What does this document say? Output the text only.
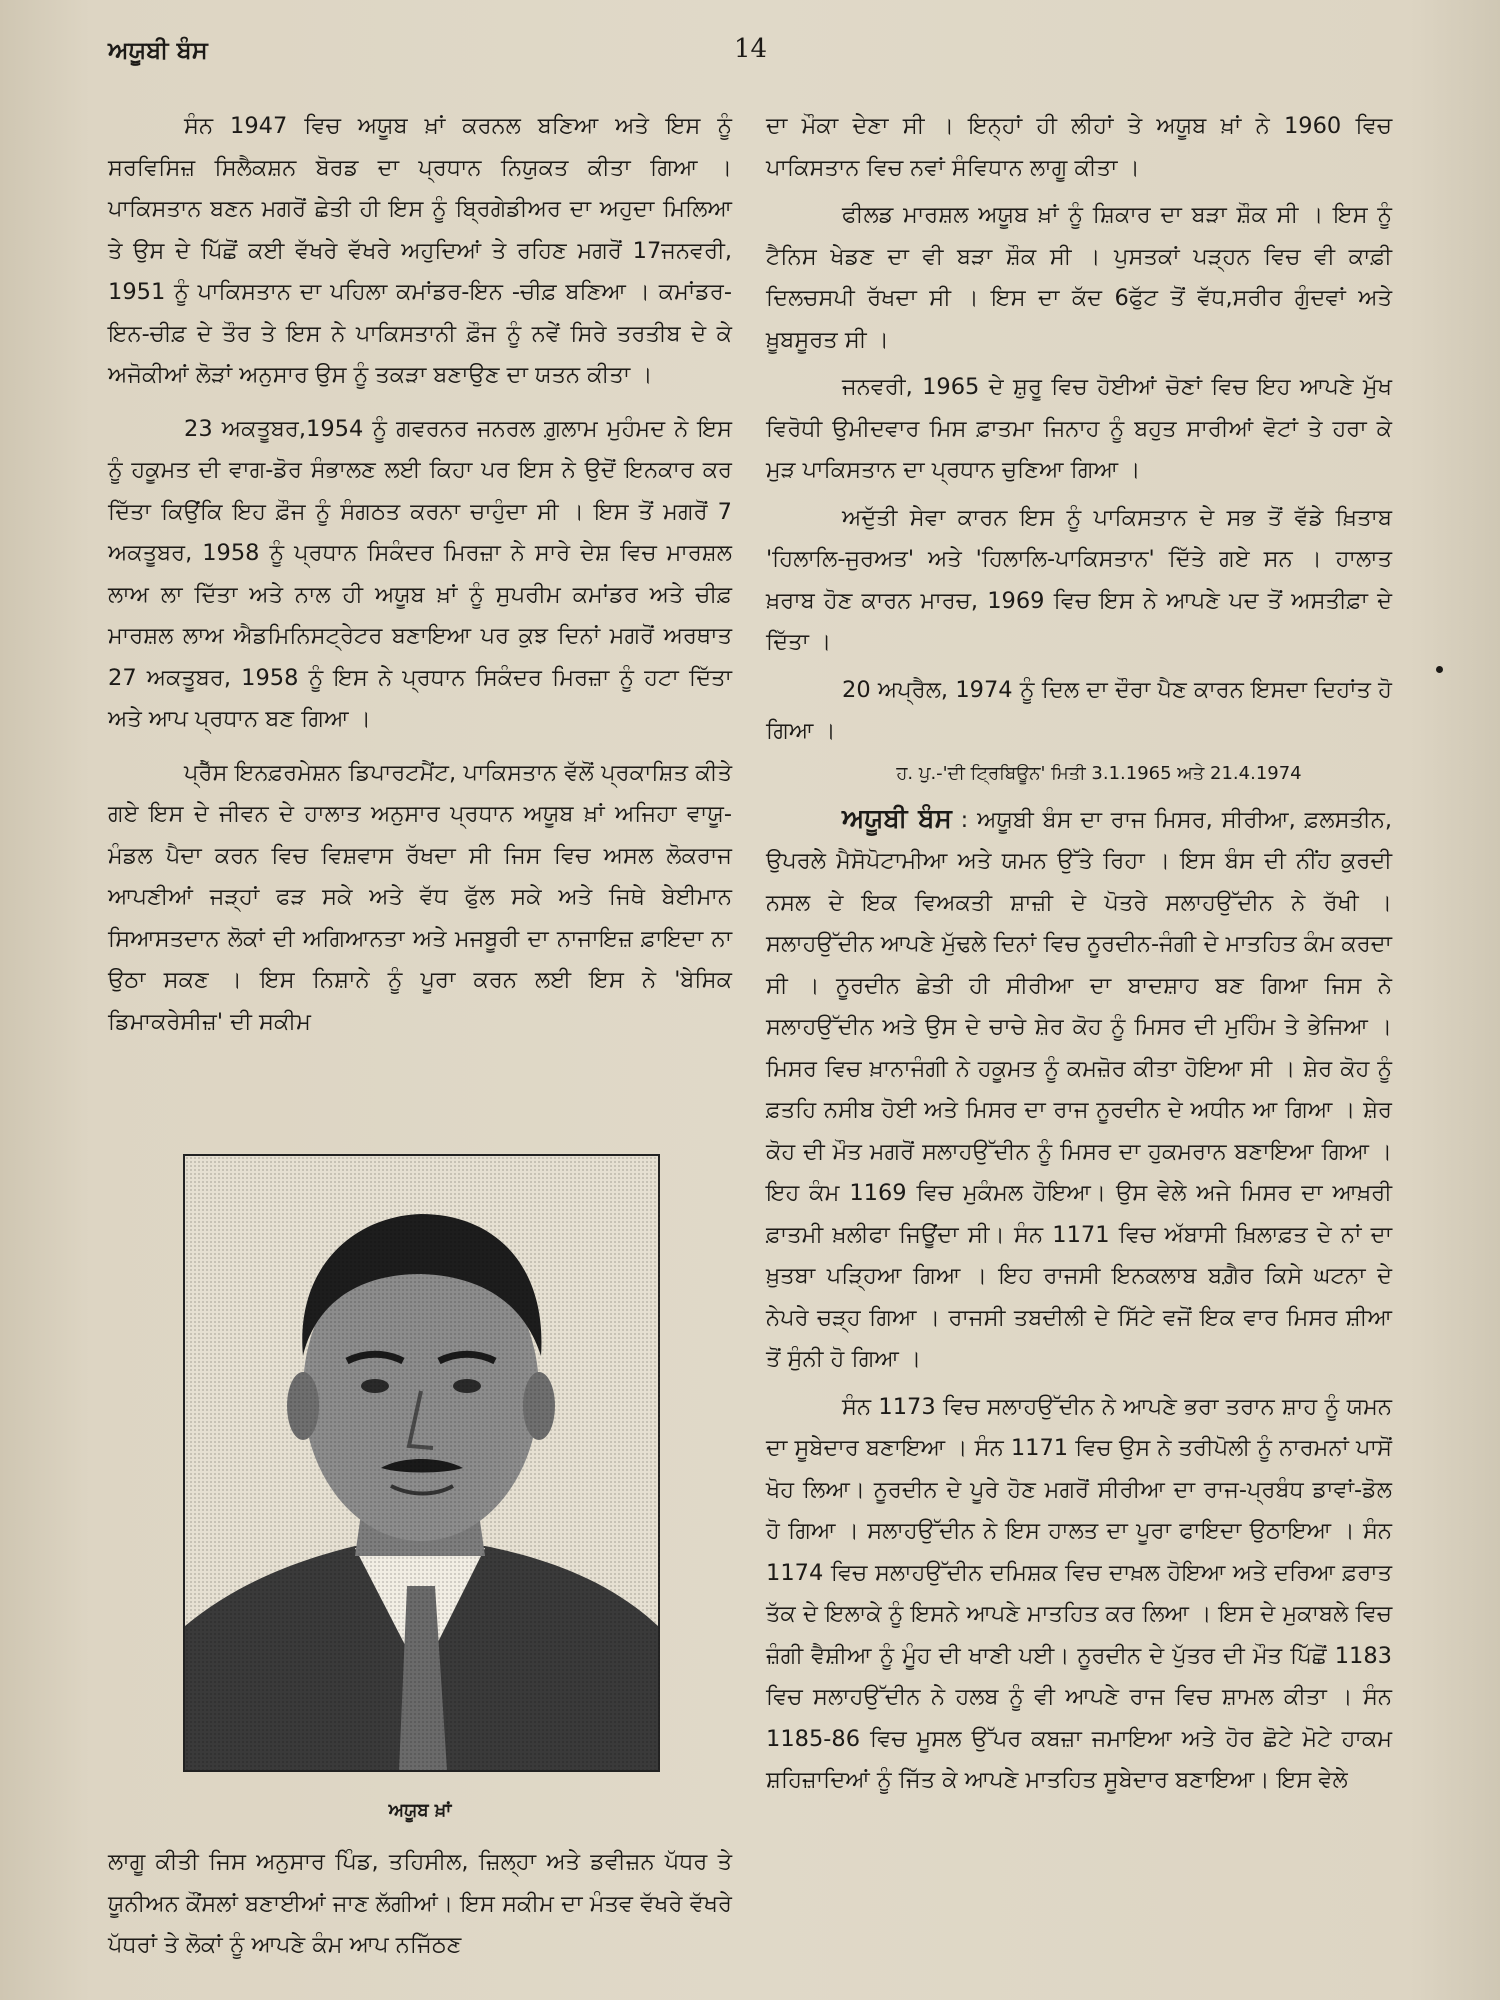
ਅਯੂਬੀ ਬੰਸ	14

ਸੰਨ 1947 ਵਿਚ ਅਯੂਬ ਖ਼ਾਂ ਕਰਨਲ ਬਣਿਆ ਅਤੇ ਇਸ ਨੂੰ ਸਰਵਿਸਿਜ਼ ਸਿਲੈਕਸ਼ਨ ਬੋਰਡ ਦਾ ਪ੍ਰਧਾਨ ਨਿਯੁਕਤ ਕੀਤਾ ਗਿਆ । ਪਾਕਿਸਤਾਨ ਬਣਨ ਮਗਰੋਂ ਛੇਤੀ ਹੀ ਇਸ ਨੂੰ ਬ੍ਰਿਗੇਡੀਅਰ ਦਾ ਅਹੁਦਾ ਮਿਲਿਆ ਤੇ ਉਸ ਦੇ ਪਿੱਛੋਂ ਕਈ ਵੱਖਰੇ ਵੱਖਰੇ ਅਹੁਦਿਆਂ ਤੇ ਰਹਿਣ ਮਗਰੋਂ 17ਜਨਵਰੀ, 1951 ਨੂੰ ਪਾਕਿਸਤਾਨ ਦਾ ਪਹਿਲਾ ਕਮਾਂਡਰ-ਇਨ -ਚੀਫ਼ ਬਣਿਆ । ਕਮਾਂਡਰ-ਇਨ-ਚੀਫ਼ ਦੇ ਤੌਰ ਤੇ ਇਸ ਨੇ ਪਾਕਿਸਤਾਨੀ ਫ਼ੌਜ ਨੂੰ ਨਵੇਂ ਸਿਰੇ ਤਰਤੀਬ ਦੇ ਕੇ ਅਜੋਕੀਆਂ ਲੋੜਾਂ ਅਨੁਸਾਰ ਉਸ ਨੂੰ ਤਕੜਾ ਬਣਾਉਣ ਦਾ ਯਤਨ ਕੀਤਾ ।

23 ਅਕਤੂਬਰ,1954 ਨੂੰ ਗਵਰਨਰ ਜਨਰਲ ਗ਼ੁਲਾਮ ਮੁਹੰਮਦ ਨੇ ਇਸ ਨੂੰ ਹਕੂਮਤ ਦੀ ਵਾਗ-ਡੋਰ ਸੰਭਾਲਣ ਲਈ ਕਿਹਾ ਪਰ ਇਸ ਨੇ ਉਦੋਂ ਇਨਕਾਰ ਕਰ ਦਿੱਤਾ ਕਿਉਂਕਿ ਇਹ ਫ਼ੌਜ ਨੂੰ ਸੰਗਠਤ ਕਰਨਾ ਚਾਹੁੰਦਾ ਸੀ । ਇਸ ਤੋਂ ਮਗਰੋਂ 7 ਅਕਤੂਬਰ, 1958 ਨੂੰ ਪ੍ਰਧਾਨ ਸਿਕੰਦਰ ਮਿਰਜ਼ਾ ਨੇ ਸਾਰੇ ਦੇਸ਼ ਵਿਚ ਮਾਰਸ਼ਲ ਲਾਅ ਲਾ ਦਿੱਤਾ ਅਤੇ ਨਾਲ ਹੀ ਅਯੂਬ ਖ਼ਾਂ ਨੂੰ ਸੁਪਰੀਮ ਕਮਾਂਡਰ ਅਤੇ ਚੀਫ਼ ਮਾਰਸ਼ਲ ਲਾਅ ਐਡਮਿਨਿਸਟ੍ਰੇਟਰ ਬਣਾਇਆ ਪਰ ਕੁਝ ਦਿਨਾਂ ਮਗਰੋਂ ਅਰਥਾਤ 27 ਅਕਤੂਬਰ, 1958 ਨੂੰ ਇਸ ਨੇ ਪ੍ਰਧਾਨ ਸਿਕੰਦਰ ਮਿਰਜ਼ਾ ਨੂੰ ਹਟਾ ਦਿੱਤਾ ਅਤੇ ਆਪ ਪ੍ਰਧਾਨ ਬਣ ਗਿਆ ।

ਪ੍ਰੈੱਸ ਇਨਫ਼ਰਮੇਸ਼ਨ ਡਿਪਾਰਟਮੈਂਟ, ਪਾਕਿਸਤਾਨ ਵੱਲੋਂ ਪ੍ਰਕਾਸ਼ਿਤ ਕੀਤੇ ਗਏ ਇਸ ਦੇ ਜੀਵਨ ਦੇ ਹਾਲਾਤ ਅਨੁਸਾਰ ਪ੍ਰਧਾਨ ਅਯੂਬ ਖ਼ਾਂ ਅਜਿਹਾ ਵਾਯੂ-ਮੰਡਲ ਪੈਦਾ ਕਰਨ ਵਿਚ ਵਿਸ਼ਵਾਸ ਰੱਖਦਾ ਸੀ ਜਿਸ ਵਿਚ ਅਸਲ ਲੋਕਰਾਜ ਆਪਣੀਆਂ ਜੜ੍ਹਾਂ ਫੜ ਸਕੇ ਅਤੇ ਵੱਧ ਫੁੱਲ ਸਕੇ ਅਤੇ ਜਿਥੇ ਬੇਈਮਾਨ ਸਿਆਸਤਦਾਨ ਲੋਕਾਂ ਦੀ ਅਗਿਆਨਤਾ ਅਤੇ ਮਜਬੂਰੀ ਦਾ ਨਾਜਾਇਜ਼ ਫ਼ਾਇਦਾ ਨਾ ਉਠਾ ਸਕਣ । ਇਸ ਨਿਸ਼ਾਨੇ ਨੂੰ ਪੂਰਾ ਕਰਨ ਲਈ ਇਸ ਨੇ 'ਬੇਸਿਕ ਡਿਮਾਕਰੇਸੀਜ਼' ਦੀ ਸਕੀਮ

ਅਯੂਬ ਖ਼ਾਂ
ਲਾਗੂ ਕੀਤੀ ਜਿਸ ਅਨੁਸਾਰ ਪਿੰਡ, ਤਹਿਸੀਲ, ਜ਼ਿਲ੍ਹਾ ਅਤੇ ਡਵੀਜ਼ਨ ਪੱਧਰ ਤੇ ਯੂਨੀਅਨ ਕੌਂਸਲਾਂ ਬਣਾਈਆਂ ਜਾਣ ਲੱਗੀਆਂ। ਇਸ ਸਕੀਮ ਦਾ ਮੰਤਵ ਵੱਖਰੇ ਵੱਖਰੇ ਪੱਧਰਾਂ ਤੇ ਲੋਕਾਂ ਨੂੰ ਆਪਣੇ ਕੰਮ ਆਪ ਨਜਿੱਠਣ

ਦਾ ਮੌਕਾ ਦੇਣਾ ਸੀ । ਇਨ੍ਹਾਂ ਹੀ ਲੀਹਾਂ ਤੇ ਅਯੂਬ ਖ਼ਾਂ ਨੇ 1960 ਵਿਚ ਪਾਕਿਸਤਾਨ ਵਿਚ ਨਵਾਂ ਸੰਵਿਧਾਨ ਲਾਗੂ ਕੀਤਾ ।

ਫੀਲਡ ਮਾਰਸ਼ਲ ਅਯੂਬ ਖ਼ਾਂ ਨੂੰ ਸ਼ਿਕਾਰ ਦਾ ਬੜਾ ਸ਼ੌਕ ਸੀ । ਇਸ ਨੂੰ ਟੈਨਿਸ ਖੇਡਣ ਦਾ ਵੀ ਬੜਾ ਸ਼ੌਕ ਸੀ । ਪੁਸਤਕਾਂ ਪੜ੍ਹਨ ਵਿਚ ਵੀ ਕਾਫ਼ੀ ਦਿਲਚਸਪੀ ਰੱਖਦਾ ਸੀ । ਇਸ ਦਾ ਕੱਦ 6ਫੁੱਟ ਤੋਂ ਵੱਧ,ਸਰੀਰ ਗੁੰਦਵਾਂ ਅਤੇ ਖ਼ੂਬਸੂਰਤ ਸੀ ।

ਜਨਵਰੀ, 1965 ਦੇ ਸ਼ੁਰੂ ਵਿਚ ਹੋਈਆਂ ਚੋਣਾਂ ਵਿਚ ਇਹ ਆਪਣੇ ਮੁੱਖ ਵਿਰੋਧੀ ਉਮੀਦਵਾਰ ਮਿਸ ਫ਼ਾਤਮਾ ਜਿਨਾਹ ਨੂੰ ਬਹੁਤ ਸਾਰੀਆਂ ਵੋਟਾਂ ਤੇ ਹਰਾ ਕੇ ਮੁੜ ਪਾਕਿਸਤਾਨ ਦਾ ਪ੍ਰਧਾਨ ਚੁਣਿਆ ਗਿਆ ।

ਅਦੁੱਤੀ ਸੇਵਾ ਕਾਰਨ ਇਸ ਨੂੰ ਪਾਕਿਸਤਾਨ ਦੇ ਸਭ ਤੋਂ ਵੱਡੇ ਖ਼ਿਤਾਬ 'ਹਿਲਾਲਿ-ਜੁਰਅਤ' ਅਤੇ 'ਹਿਲਾਲਿ-ਪਾਕਿਸਤਾਨ' ਦਿੱਤੇ ਗਏ ਸਨ । ਹਾਲਾਤ ਖ਼ਰਾਬ ਹੋਣ ਕਾਰਨ ਮਾਰਚ, 1969 ਵਿਚ ਇਸ ਨੇ ਆਪਣੇ ਪਦ ਤੋਂ ਅਸਤੀਫ਼ਾ ਦੇ ਦਿੱਤਾ ।

20 ਅਪ੍ਰੈਲ, 1974 ਨੂੰ ਦਿਲ ਦਾ ਦੌਰਾ ਪੈਣ ਕਾਰਨ ਇਸਦਾ ਦਿਹਾਂਤ ਹੋ ਗਿਆ ।

ਹ. ਪੁ.-'ਦੀ ਟ੍ਰਿਬਿਊਨ' ਮਿਤੀ 3.1.1965 ਅਤੇ 21.4.1974

ਅਯੂਬੀ ਬੰਸ : ਅਯੂਬੀ ਬੰਸ ਦਾ ਰਾਜ ਮਿਸਰ, ਸੀਰੀਆ, ਫ਼ਲਸਤੀਨ, ਉਪਰਲੇ ਮੈਸੋਪੋਟਾਮੀਆ ਅਤੇ ਯਮਨ ਉੱਤੇ ਰਿਹਾ । ਇਸ ਬੰਸ ਦੀ ਨੀਂਹ ਕੁਰਦੀ ਨਸਲ ਦੇ ਇਕ ਵਿਅਕਤੀ ਸ਼ਾਜ਼ੀ ਦੇ ਪੋਤਰੇ ਸਲਾਹਉੱਦੀਨ ਨੇ ਰੱਖੀ । ਸਲਾਹਉੱਦੀਨ ਆਪਣੇ ਮੁੱਢਲੇ ਦਿਨਾਂ ਵਿਚ ਨੂਰਦੀਨ-ਜੰਗੀ ਦੇ ਮਾਤਹਿਤ ਕੰਮ ਕਰਦਾ ਸੀ । ਨੂਰਦੀਨ ਛੇਤੀ ਹੀ ਸੀਰੀਆ ਦਾ ਬਾਦਸ਼ਾਹ ਬਣ ਗਿਆ ਜਿਸ ਨੇ ਸਲਾਹਉੱਦੀਨ ਅਤੇ ਉਸ ਦੇ ਚਾਚੇ ਸ਼ੇਰ ਕੋਹ ਨੂੰ ਮਿਸਰ ਦੀ ਮੁਹਿੰਮ ਤੇ ਭੇਜਿਆ । ਮਿਸਰ ਵਿਚ ਖ਼ਾਨਾਜੰਗੀ ਨੇ ਹਕੂਮਤ ਨੂੰ ਕਮਜ਼ੋਰ ਕੀਤਾ ਹੋਇਆ ਸੀ । ਸ਼ੇਰ ਕੋਹ ਨੂੰ ਫ਼ਤਹਿ ਨਸੀਬ ਹੋਈ ਅਤੇ ਮਿਸਰ ਦਾ ਰਾਜ ਨੂਰਦੀਨ ਦੇ ਅਧੀਨ ਆ ਗਿਆ । ਸ਼ੇਰ ਕੋਹ ਦੀ ਮੌਤ ਮਗਰੋਂ ਸਲਾਹਉੱਦੀਨ ਨੂੰ ਮਿਸਰ ਦਾ ਹੁਕਮਰਾਨ ਬਣਾਇਆ ਗਿਆ । ਇਹ ਕੰਮ 1169 ਵਿਚ ਮੁਕੰਮਲ ਹੋਇਆ। ਉਸ ਵੇਲੇ ਅਜੇ ਮਿਸਰ ਦਾ ਆਖ਼ਰੀ ਫ਼ਾਤਮੀ ਖ਼ਲੀਫਾ ਜਿਊਂਦਾ ਸੀ। ਸੰਨ 1171 ਵਿਚ ਅੱਬਾਸੀ ਖ਼ਿਲਾਫ਼ਤ ਦੇ ਨਾਂ ਦਾ ਖ਼ੁਤਬਾ ਪੜ੍ਹਿਆ ਗਿਆ । ਇਹ ਰਾਜਸੀ ਇਨਕਲਾਬ ਬਗ਼ੈਰ ਕਿਸੇ ਘਟਨਾ ਦੇ ਨੇਪਰੇ ਚੜ੍ਹ ਗਿਆ । ਰਾਜਸੀ ਤਬਦੀਲੀ ਦੇ ਸਿੱਟੇ ਵਜੋਂ ਇਕ ਵਾਰ ਮਿਸਰ ਸ਼ੀਆ ਤੋਂ ਸੁੰਨੀ ਹੋ ਗਿਆ ।

ਸੰਨ 1173 ਵਿਚ ਸਲਾਹਉੱਦੀਨ ਨੇ ਆਪਣੇ ਭਰਾ ਤਰਾਨ ਸ਼ਾਹ ਨੂੰ ਯਮਨ ਦਾ ਸੂਬੇਦਾਰ ਬਣਾਇਆ । ਸੰਨ 1171 ਵਿਚ ਉਸ ਨੇ ਤਰੀਪੋਲੀ ਨੂੰ ਨਾਰਮਨਾਂ ਪਾਸੋਂ ਖੋਹ ਲਿਆ। ਨੂਰਦੀਨ ਦੇ ਪੂਰੇ ਹੋਣ ਮਗਰੋਂ ਸੀਰੀਆ ਦਾ ਰਾਜ-ਪ੍ਰਬੰਧ ਡਾਵਾਂ-ਡੋਲ ਹੋ ਗਿਆ । ਸਲਾਹਉੱਦੀਨ ਨੇ ਇਸ ਹਾਲਤ ਦਾ ਪੂਰਾ ਫਾਇਦਾ ਉਠਾਇਆ । ਸੰਨ 1174 ਵਿਚ ਸਲਾਹਉੱਦੀਨ ਦਮਿਸ਼ਕ ਵਿਚ ਦਾਖ਼ਲ ਹੋਇਆ ਅਤੇ ਦਰਿਆ ਫ਼ਰਾਤ ਤੱਕ ਦੇ ਇਲਾਕੇ ਨੂੰ ਇਸਨੇ ਆਪਣੇ ਮਾਤਹਿਤ ਕਰ ਲਿਆ । ਇਸ ਦੇ ਮੁਕਾਬਲੇ ਵਿਚ ਜ਼ੰਗੀ ਵੈਸ਼ੀਆ ਨੂੰ ਮੂੰਹ ਦੀ ਖਾਣੀ ਪਈ। ਨੂਰਦੀਨ ਦੇ ਪੁੱਤਰ ਦੀ ਮੌਤ ਪਿੱਛੋਂ 1183 ਵਿਚ ਸਲਾਹਉੱਦੀਨ ਨੇ ਹਲਬ ਨੂੰ ਵੀ ਆਪਣੇ ਰਾਜ ਵਿਚ ਸ਼ਾਮਲ ਕੀਤਾ । ਸੰਨ 1185-86 ਵਿਚ ਮੂਸਲ ਉੱਪਰ ਕਬਜ਼ਾ ਜਮਾਇਆ ਅਤੇ ਹੋਰ ਛੋਟੇ ਮੋਟੇ ਹਾਕਮ ਸ਼ਹਿਜ਼ਾਦਿਆਂ ਨੂੰ ਜਿੱਤ ਕੇ ਆਪਣੇ ਮਾਤਹਿਤ ਸੂਬੇਦਾਰ ਬਣਾਇਆ। ਇਸ ਵੇਲੇ
